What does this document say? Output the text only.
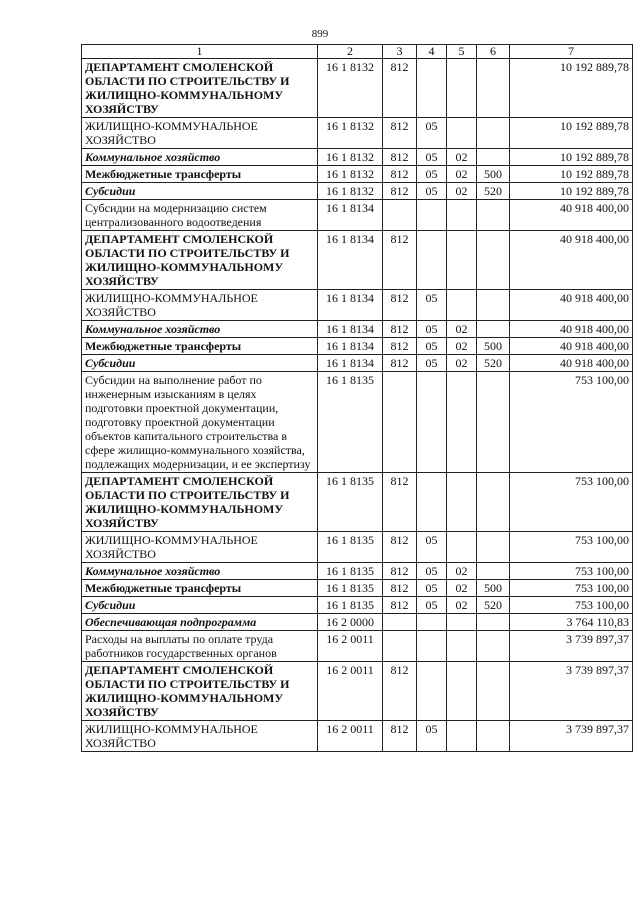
899
1	2	3	4	5	6	7
ДЕПАРТАМЕНТ СМОЛЕНСКОЙ ОБЛАСТИ ПО СТРОИТЕЛЬСТВУ И ЖИЛИЩНО-КОММУНАЛЬНОМУ ХОЗЯЙСТВУ	16 1 8132	812				10 192 889,78
ЖИЛИЩНО-КОММУНАЛЬНОЕ ХОЗЯЙСТВО	16 1 8132	812	05			10 192 889,78
Коммунальное хозяйство	16 1 8132	812	05	02		10 192 889,78
Межбюджетные трансферты	16 1 8132	812	05	02	500	10 192 889,78
Субсидии	16 1 8132	812	05	02	520	10 192 889,78
Субсидии на модернизацию систем централизованного водоотведения	16 1 8134					40 918 400,00
ДЕПАРТАМЕНТ СМОЛЕНСКОЙ ОБЛАСТИ ПО СТРОИТЕЛЬСТВУ И ЖИЛИЩНО-КОММУНАЛЬНОМУ ХОЗЯЙСТВУ	16 1 8134	812				40 918 400,00
ЖИЛИЩНО-КОММУНАЛЬНОЕ ХОЗЯЙСТВО	16 1 8134	812	05			40 918 400,00
Коммунальное хозяйство	16 1 8134	812	05	02		40 918 400,00
Межбюджетные трансферты	16 1 8134	812	05	02	500	40 918 400,00
Субсидии	16 1 8134	812	05	02	520	40 918 400,00
Субсидии на выполнение работ по инженерным изысканиям в целях подготовки проектной документации, подготовку проектной документации объектов капитального строительства в сфере жилищно-коммунального хозяйства, подлежащих модернизации, и ее экспертизу	16 1 8135					753 100,00
ДЕПАРТАМЕНТ СМОЛЕНСКОЙ ОБЛАСТИ ПО СТРОИТЕЛЬСТВУ И ЖИЛИЩНО-КОММУНАЛЬНОМУ ХОЗЯЙСТВУ	16 1 8135	812				753 100,00
ЖИЛИЩНО-КОММУНАЛЬНОЕ ХОЗЯЙСТВО	16 1 8135	812	05			753 100,00
Коммунальное хозяйство	16 1 8135	812	05	02		753 100,00
Межбюджетные трансферты	16 1 8135	812	05	02	500	753 100,00
Субсидии	16 1 8135	812	05	02	520	753 100,00
Обеспечивающая подпрограмма	16 2 0000					3 764 110,83
Расходы на выплаты по оплате труда работников государственных органов	16 2 0011					3 739 897,37
ДЕПАРТАМЕНТ СМОЛЕНСКОЙ ОБЛАСТИ ПО СТРОИТЕЛЬСТВУ И ЖИЛИЩНО-КОММУНАЛЬНОМУ ХОЗЯЙСТВУ	16 2 0011	812				3 739 897,37
ЖИЛИЩНО-КОММУНАЛЬНОЕ ХОЗЯЙСТВО	16 2 0011	812	05			3 739 897,37
